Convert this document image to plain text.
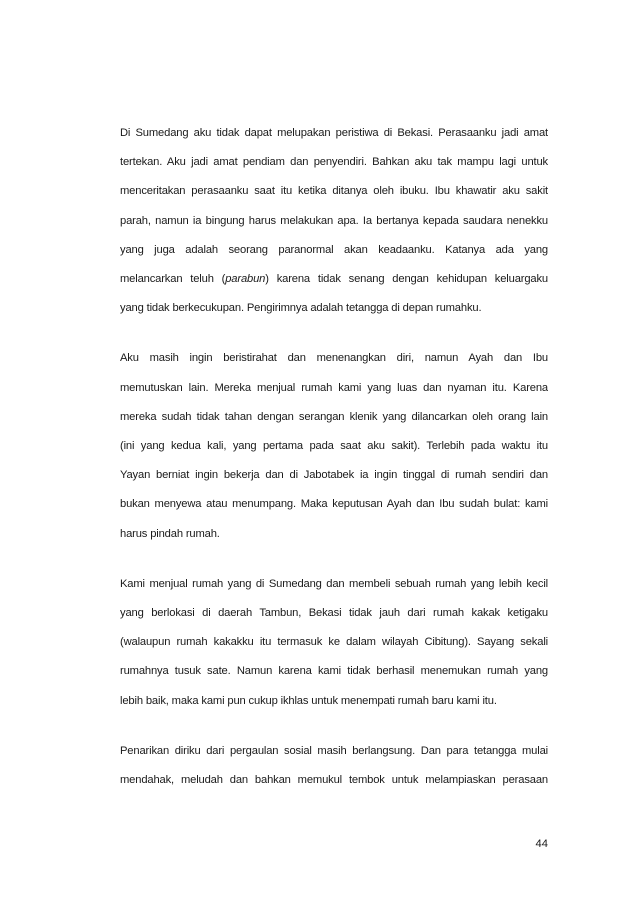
Di Sumedang aku tidak dapat melupakan peristiwa di Bekasi. Perasaanku jadi amat
tertekan. Aku jadi amat pendiam dan penyendiri. Bahkan aku tak mampu lagi untuk
menceritakan perasaanku saat itu ketika ditanya oleh ibuku. Ibu khawatir aku sakit
parah, namun ia bingung harus melakukan apa. Ia bertanya kepada saudara nenekku
yang juga adalah seorang paranormal akan keadaanku. Katanya ada yang
melancarkan teluh (parabun) karena tidak senang dengan kehidupan keluargaku
yang tidak berkecukupan. Pengirimnya adalah tetangga di depan rumahku.

Aku masih ingin beristirahat dan menenangkan diri, namun Ayah dan Ibu
memutuskan lain. Mereka menjual rumah kami yang luas dan nyaman itu. Karena
mereka sudah tidak tahan dengan serangan klenik yang dilancarkan oleh orang lain
(ini yang kedua kali, yang pertama pada saat aku sakit). Terlebih pada waktu itu
Yayan berniat ingin bekerja dan di Jabotabek ia ingin tinggal di rumah sendiri dan
bukan menyewa atau menumpang. Maka keputusan Ayah dan Ibu sudah bulat: kami
harus pindah rumah.

Kami menjual rumah yang di Sumedang dan membeli sebuah rumah yang lebih kecil
yang berlokasi di daerah Tambun, Bekasi tidak jauh dari rumah kakak ketigaku
(walaupun rumah kakakku itu termasuk ke dalam wilayah Cibitung). Sayang sekali
rumahnya tusuk sate. Namun karena kami tidak berhasil menemukan rumah yang
lebih baik, maka kami pun cukup ikhlas untuk menempati rumah baru kami itu.

Penarikan diriku dari pergaulan sosial masih berlangsung. Dan para tetangga mulai
mendahak, meludah dan bahkan memukul tembok untuk melampiaskan perasaan

44
